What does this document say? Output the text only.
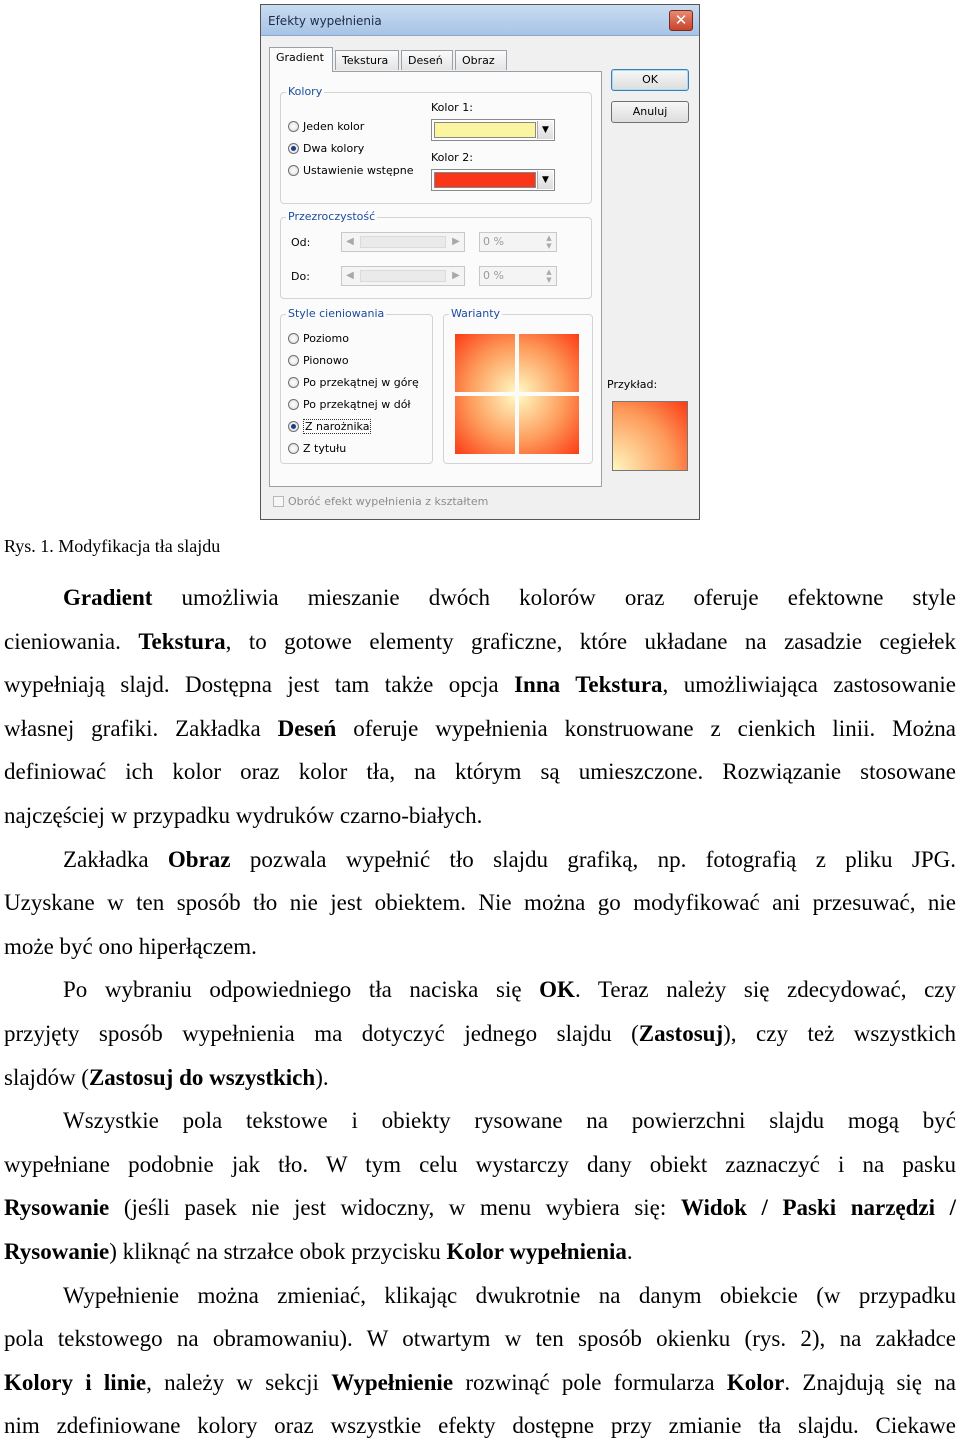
Efekty wypełnienia	✕
Gradient	Tekstura	Deseń	Obraz
Kolory
Jeden kolor
Dwa kolory
Ustawienie wstępne
Kolor 1:
▼
Kolor 2:
▼
Przezroczystość
Od:	◀	▶	0 %	▲
▼
Do:	◀	▶	0 %	▲
▼
Style cieniowania
Poziomo
Pionowo
Po przekątnej w górę
Po przekątnej w dół
Z narożnika
Z tytułu
Warianty
OK
Anuluj
Przykład:
Obróć efekt wypełnienia z kształtem
Rys. 1. Modyfikacja tła slajdu
Gradient umożliwia mieszanie dwóch kolorów oraz oferuje efektowne style
cieniowania. Tekstura, to gotowe elementy graficzne, które układane na zasadzie cegiełek
wypełniają slajd. Dostępna jest tam także opcja Inna Tekstura, umożliwiająca zastosowanie
własnej grafiki. Zakładka Deseń oferuje wypełnienia konstruowane z cienkich linii. Można
definiować ich kolor oraz kolor tła, na którym są umieszczone. Rozwiązanie stosowane
najczęściej w przypadku wydruków czarno-białych.
Zakładka Obraz pozwala wypełnić tło slajdu grafiką, np. fotografią z pliku JPG.
Uzyskane w ten sposób tło nie jest obiektem. Nie można go modyfikować ani przesuwać, nie
może być ono hiperłączem.
Po wybraniu odpowiedniego tła naciska się OK. Teraz należy się zdecydować, czy
przyjęty sposób wypełnienia ma dotyczyć jednego slajdu (Zastosuj), czy też wszystkich
slajdów (Zastosuj do wszystkich).
Wszystkie pola tekstowe i obiekty rysowane na powierzchni slajdu mogą być
wypełniane podobnie jak tło. W tym celu wystarczy dany obiekt zaznaczyć i na pasku
Rysowanie (jeśli pasek nie jest widoczny, w menu wybiera się: Widok / Paski narzędzi /
Rysowanie) kliknąć na strzałce obok przycisku Kolor wypełnienia.
Wypełnienie można zmieniać, klikając dwukrotnie na danym obiekcie (w przypadku
pola tekstowego na obramowaniu). W otwartym w ten sposób okienku (rys. 2), na zakładce
Kolory i linie, należy w sekcji Wypełnienie rozwinąć pole formularza Kolor. Znajdują się na
nim zdefiniowane kolory oraz wszystkie efekty dostępne przy zmianie tła slajdu. Ciekawe
